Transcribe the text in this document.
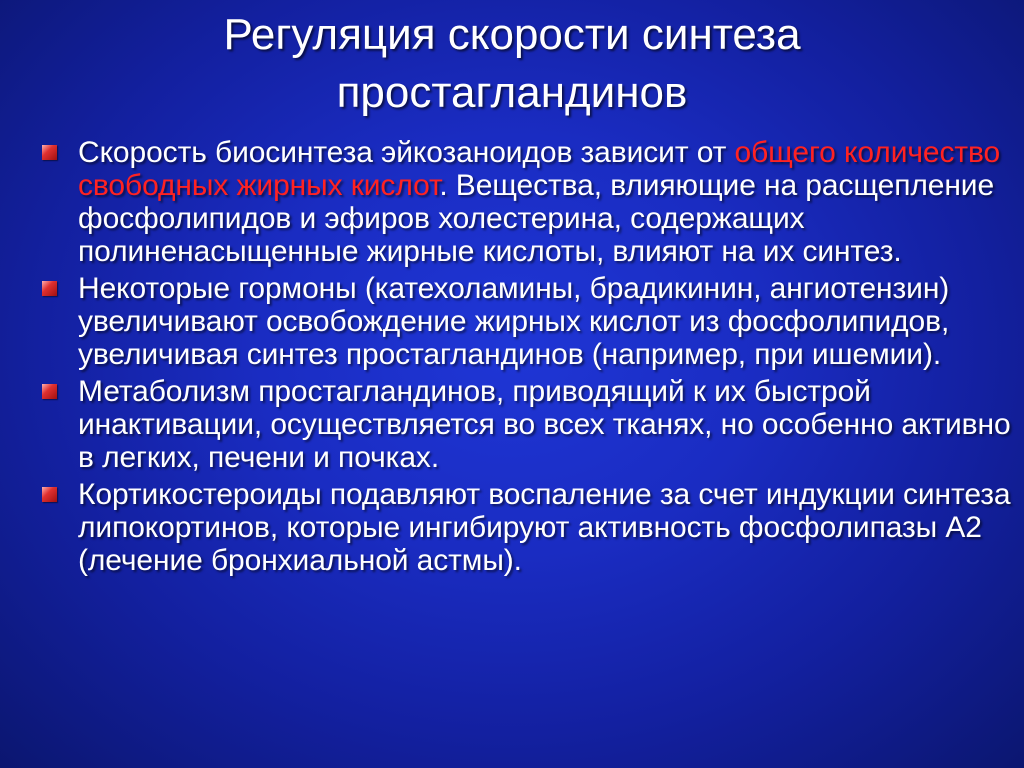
Регуляция скорости синтеза
простагландинов
Скорость биосинтеза эйкозаноидов зависит от общего количество свободных жирных кислот. Вещества, влияющие на расщепление фосфолипидов и эфиров холестерина, содержащих полиненасыщенные жирные кислоты, влияют на их синтез.
Некоторые гормоны (катехоламины, брадикинин, ангиотензин) увеличивают освобождение жирных кислот из фосфолипидов, увеличивая синтез простагландинов (например, при ишемии).
Метаболизм простагландинов, приводящий к их быстрой инактивации, осуществляется во всех тканях, но особенно активно в легких, печени и почках.
Кортикостероиды подавляют воспаление за счет индукции синтеза липокортинов, которые ингибируют активность фосфолипазы А2 (лечение бронхиальной астмы).
